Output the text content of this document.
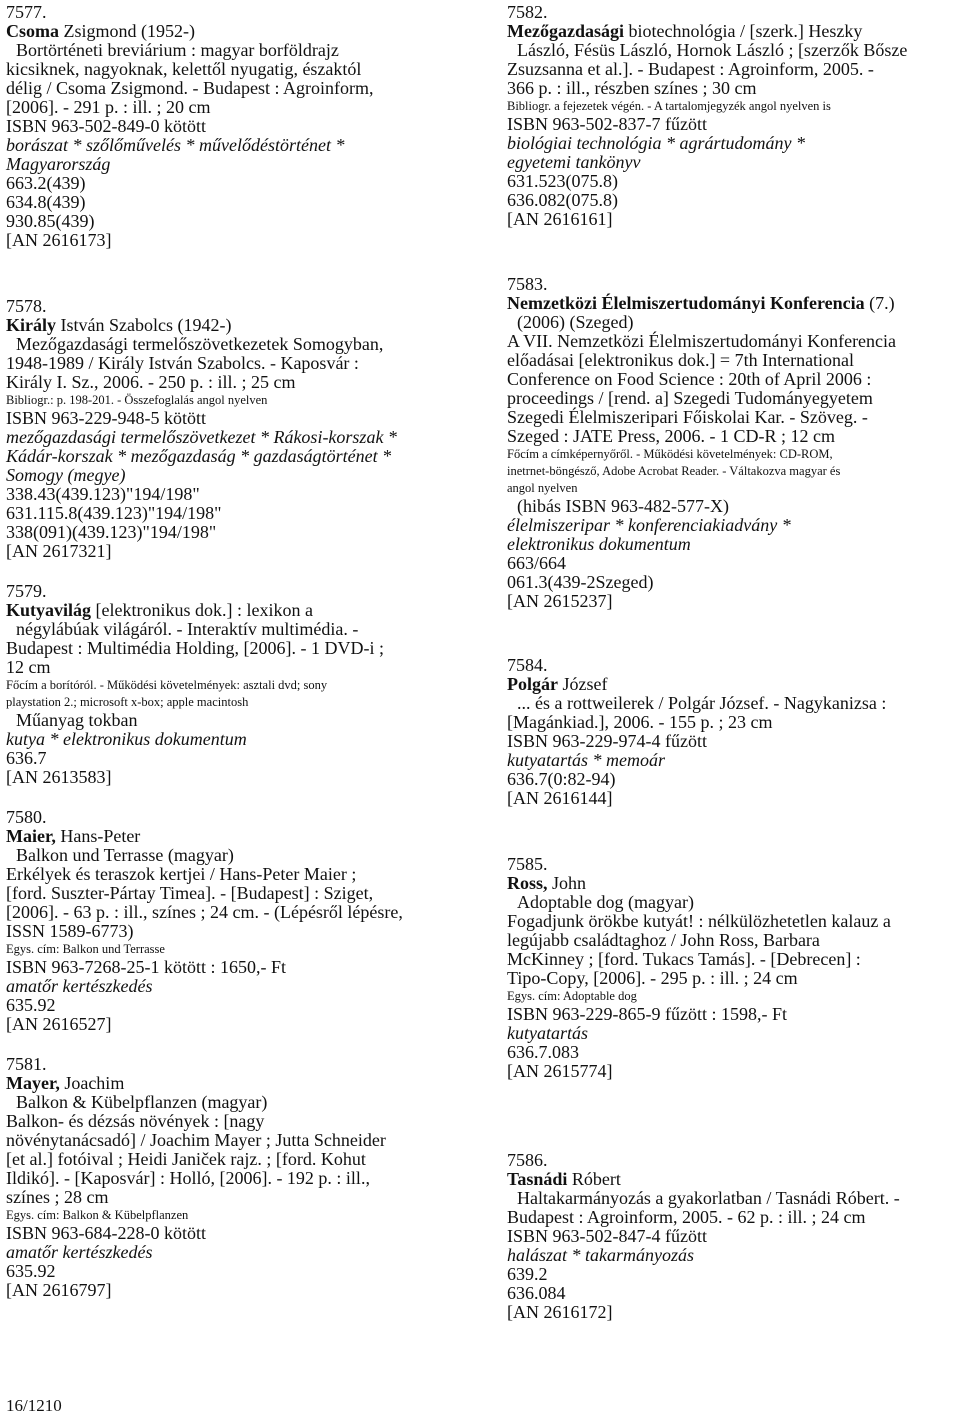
7577.
Csoma Zsigmond (1952-)
Bortörténeti breviárium : magyar borföldrajz
kicsiknek, nagyoknak, kelettől nyugatig, északtól
délig / Csoma Zsigmond. - Budapest : Agroinform,
[2006]. - 291 p. : ill. ; 20 cm
ISBN 963-502-849-0 kötött
borászat * szőlőművelés * művelődéstörténet *
Magyarország
663.2(439)
634.8(439)
930.85(439)
[AN 2616173]
7578.
Király István Szabolcs (1942-)
Mezőgazdasági termelőszövetkezetek Somogyban,
1948-1989 / Király István Szabolcs. - Kaposvár :
Király I. Sz., 2006. - 250 p. : ill. ; 25 cm
Bibliogr.: p. 198-201. - Összefoglalás angol nyelven
ISBN 963-229-948-5 kötött
mezőgazdasági termelőszövetkezet * Rákosi-korszak *
Kádár-korszak * mezőgazdaság * gazdaságtörténet *
Somogy (megye)
338.43(439.123)"194/198"
631.115.8(439.123)"194/198"
338(091)(439.123)"194/198"
[AN 2617321]
7579.
Kutyavilág [elektronikus dok.] : lexikon a
négylábúak világáról. - Interaktív multimédia. -
Budapest : Multimédia Holding, [2006]. - 1 DVD-i ;
12 cm
Főcím a borítóról. - Működési követelmények: asztali dvd; sony
playstation 2.; microsoft x-box; apple macintosh
Műanyag tokban
kutya * elektronikus dokumentum
636.7
[AN 2613583]
7580.
Maier, Hans-Peter
Balkon und Terrasse (magyar)
Erkélyek és teraszok kertjei / Hans-Peter Maier ;
[ford. Suszter-Pártay Timea]. - [Budapest] : Sziget,
[2006]. - 63 p. : ill., színes ; 24 cm. - (Lépésről lépésre,
ISSN 1589-6773)
Egys. cím: Balkon und Terrasse
ISBN 963-7268-25-1 kötött : 1650,- Ft
amatőr kertészkedés
635.92
[AN 2616527]
7581.
Mayer, Joachim
Balkon & Kübelpflanzen (magyar)
Balkon- és dézsás növények : [nagy
növénytanácsadó] / Joachim Mayer ; Jutta Schneider
[et al.] fotóival ; Heidi Janiček rajz. ; [ford. Kohut
Ildikó]. - [Kaposvár] : Holló, [2006]. - 192 p. : ill.,
színes ; 28 cm
Egys. cím: Balkon & Kübelpflanzen
ISBN 963-684-228-0 kötött
amatőr kertészkedés
635.92
[AN 2616797]
7582.
Mezőgazdasági biotechnológia / [szerk.] Heszky
László, Fésüs László, Hornok László ; [szerzők Bősze
Zsuzsanna et al.]. - Budapest : Agroinform, 2005. -
366 p. : ill., részben színes ; 30 cm
Bibliogr. a fejezetek végén. - A tartalomjegyzék angol nyelven is
ISBN 963-502-837-7 fűzött
biológiai technológia * agrártudomány *
egyetemi tankönyv
631.523(075.8)
636.082(075.8)
[AN 2616161]
7583.
Nemzetközi Élelmiszertudományi Konferencia (7.)
(2006) (Szeged)
A VII. Nemzetközi Élelmiszertudományi Konferencia
előadásai [elektronikus dok.] = 7th International
Conference on Food Science : 20th of April 2006 :
proceedings / [rend. a] Szegedi Tudományegyetem
Szegedi Élelmiszeripari Főiskolai Kar. - Szöveg. -
Szeged : JATE Press, 2006. - 1 CD-R ; 12 cm
Főcím a címképernyőről. - Működési követelmények: CD-ROM,
inetrnet-böngésző, Adobe Acrobat Reader. - Váltakozva magyar és
angol nyelven
(hibás ISBN 963-482-577-X)
élelmiszeripar * konferenciakiadvány *
elektronikus dokumentum
663/664
061.3(439-2Szeged)
[AN 2615237]
7584.
Polgár József
... és a rottweilerek / Polgár József. - Nagykanizsa :
[Magánkiad.], 2006. - 155 p. ; 23 cm
ISBN 963-229-974-4 fűzött
kutyatartás * memoár
636.7(0:82-94)
[AN 2616144]
7585.
Ross, John
Adoptable dog (magyar)
Fogadjunk örökbe kutyát! : nélkülözhetetlen kalauz a
legújabb családtaghoz / John Ross, Barbara
McKinney ; [ford. Tukacs Tamás]. - [Debrecen] :
Tipo-Copy, [2006]. - 295 p. : ill. ; 24 cm
Egys. cím: Adoptable dog
ISBN 963-229-865-9 fűzött : 1598,- Ft
kutyatartás
636.7.083
[AN 2615774]
7586.
Tasnádi Róbert
Haltakarmányozás a gyakorlatban / Tasnádi Róbert. -
Budapest : Agroinform, 2005. - 62 p. : ill. ; 24 cm
ISBN 963-502-847-4 fűzött
halászat * takarmányozás
639.2
636.084
[AN 2616172]
16/1210
